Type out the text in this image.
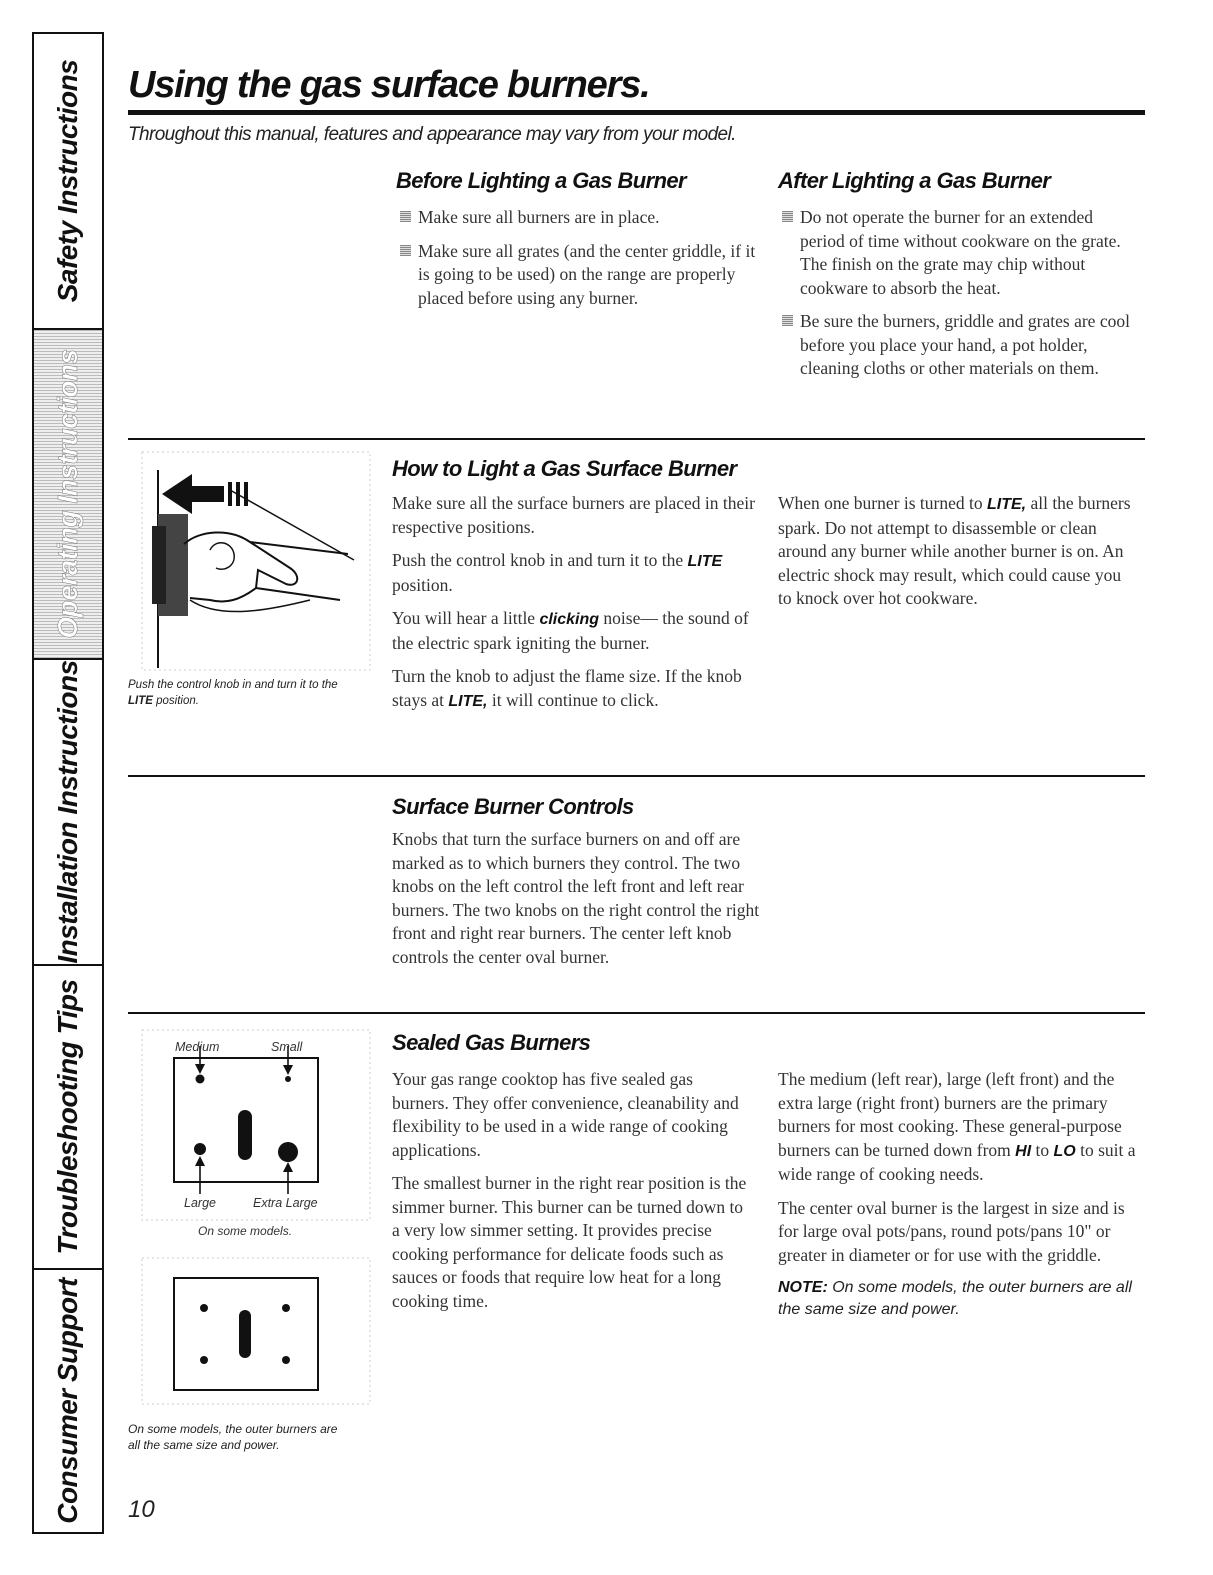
Safety Instructions
Operating Instructions
Installation Instructions
Troubleshooting Tips
Consumer Support
Using the gas surface burners.
Throughout this manual, features and appearance may vary from your model.
Before Lighting a Gas Burner
Make sure all burners are in place.
Make sure all grates (and the center griddle, if it is going to be used) on the range are properly placed before using any burner.
After Lighting a Gas Burner
Do not operate the burner for an extended period of time without cookware on the grate. The finish on the grate may chip without cookware to absorb the heat.
Be sure the burners, griddle and grates are cool before you place your hand, a pot holder, cleaning cloths or other materials on them.
Push the control knob in and turn it to the LITE position.
How to Light a Gas Surface Burner

Make sure all the surface burners are placed in their respective positions.

Push the control knob in and turn it to the LITE position.

You will hear a little clicking noise— the sound of the electric spark igniting the burner.

Turn the knob to adjust the flame size. If the knob stays at LITE, it will continue to click.

When one burner is turned to LITE, all the burners spark. Do not attempt to disassemble or clean around any burner while another burner is on. An electric shock may result, which could cause you to knock over hot cookware.

Surface Burner Controls

Knobs that turn the surface burners on and off are marked as to which burners they control. The two knobs on the left control the left front and left rear burners. The two knobs on the right control the right front and right rear burners. The center left knob controls the center oval burner.

Medium	Small
Large	Extra Large
On some models.
On some models, the outer burners are all the same size and power.
Sealed Gas Burners

Your gas range cooktop has five sealed gas burners. They offer convenience, cleanability and flexibility to be used in a wide range of cooking applications.

The smallest burner in the right rear position is the simmer burner. This burner can be turned down to a very low simmer setting. It provides precise cooking performance for delicate foods such as sauces or foods that require low heat for a long cooking time.

The medium (left rear), large (left front) and the extra large (right front) burners are the primary burners for most cooking. These general-purpose burners can be turned down from HI to LO to suit a wide range of cooking needs.

The center oval burner is the largest in size and is for large oval pots/pans, round pots/pans 10" or greater in diameter or for use with the griddle.

NOTE: On some models, the outer burners are all the same size and power.

10
